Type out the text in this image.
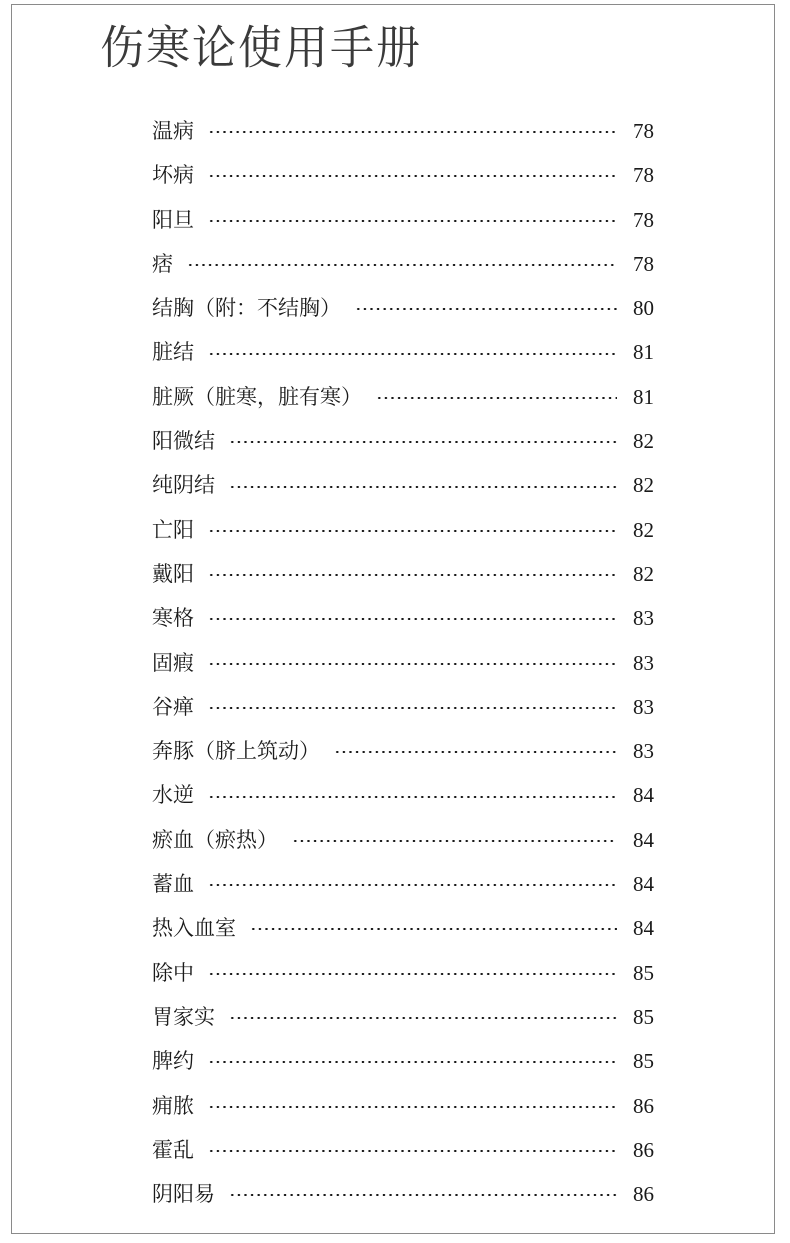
伤寒论使用手册
温病	78
坏病	78
阳旦	78
痞	78
结胸（附：不结胸）	80
脏结	81
脏厥（脏寒，脏有寒）	81
阳微结	82
纯阴结	82
亡阳	82
戴阳	82
寒格	83
固瘕	83
谷瘅	83
奔豚（脐上筑动）	83
水逆	84
瘀血（瘀热）	84
蓄血	84
热入血室	84
除中	85
胃家实	85
脾约	85
痈脓	86
霍乱	86
阴阳易	86
